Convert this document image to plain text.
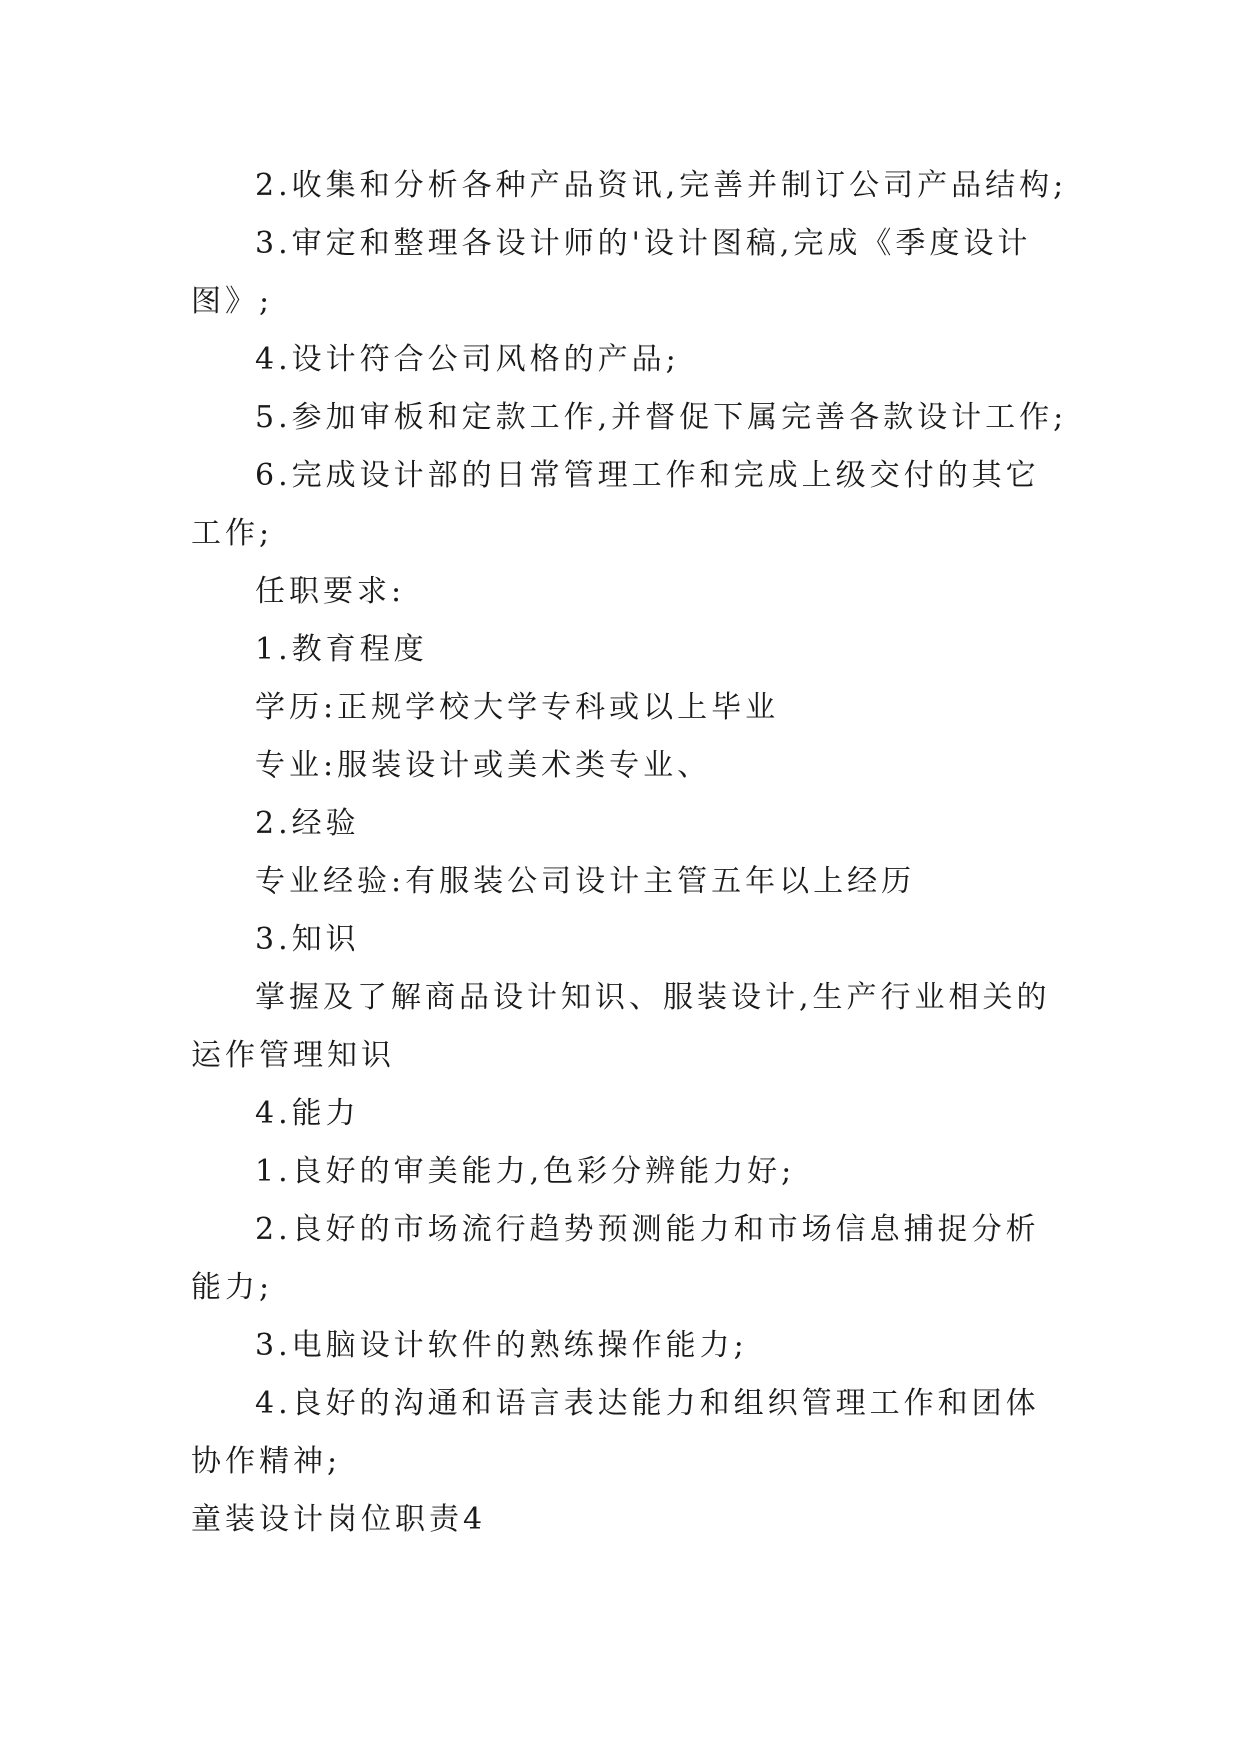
2.收集和分析各种产品资讯,完善并制订公司产品结构;
3.审定和整理各设计师的'设计图稿,完成《季度设计
图》;
4.设计符合公司风格的产品;
5.参加审板和定款工作,并督促下属完善各款设计工作;
6.完成设计部的日常管理工作和完成上级交付的其它
工作;
任职要求:
1.教育程度
学历:正规学校大学专科或以上毕业
专业:服装设计或美术类专业、
2.经验
专业经验:有服装公司设计主管五年以上经历
3.知识
掌握及了解商品设计知识、服装设计,生产行业相关的
运作管理知识
4.能力
1.良好的审美能力,色彩分辨能力好;
2.良好的市场流行趋势预测能力和市场信息捕捉分析
能力;
3.电脑设计软件的熟练操作能力;
4.良好的沟通和语言表达能力和组织管理工作和团体
协作精神;
童装设计岗位职责4
